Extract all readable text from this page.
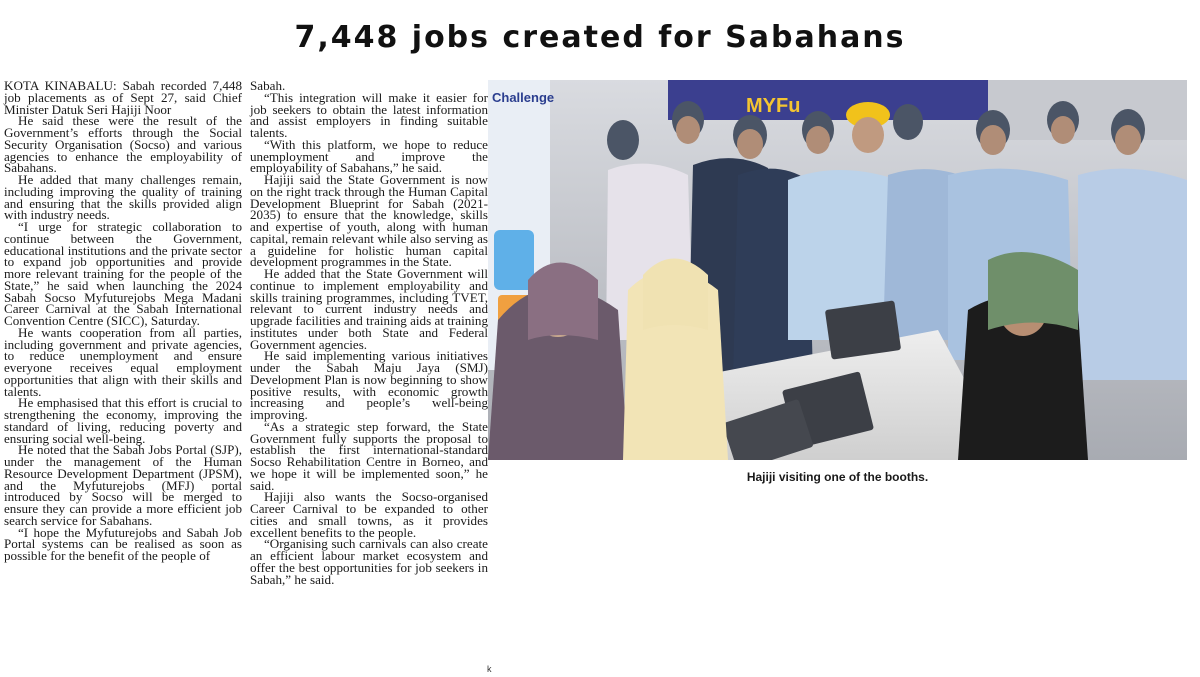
7,448 jobs created for Sabahans

KOTA KINABALU: Sabah recorded 7,448 job placements as of Sept 27, said Chief Minister Datuk Seri Hajiji Noor

He said these were the result of the Government’s efforts through the Social Security Organisation (Socso) and various agencies to enhance the employability of Sabahans.

He added that many challenges remain, including improving the quality of training and ensuring that the skills provided align with industry needs.

“I urge for strategic collaboration to continue between the Government, educational institutions and the private sector to expand job opportunities and provide more relevant training for the people of the State,” he said when launching the 2024 Sabah Socso Myfuturejobs Mega Madani Career Carnival at the Sabah International Convention Centre (SICC), Saturday.

He wants cooperation from all parties, including government and private agencies, to reduce unemployment and ensure everyone receives equal employment opportunities that align with their skills and talents.

He emphasised that this effort is crucial to strengthening the economy, improving the standard of living, reducing poverty and ensuring social well-being.

He noted that the Sabah Jobs Portal (SJP), under the management of the Human Resource Development Department (JPSM), and the Myfuturejobs (MFJ) portal introduced by Socso will be merged to ensure they can provide a more efficient job search service for Sabahans.

“I hope the Myfuturejobs and Sabah Job Portal systems can be realised as soon as possible for the benefit of the people of

Sabah.

“This integration will make it easier for job seekers to obtain the latest information and assist employers in finding suitable talents.

“With this platform, we hope to reduce unemployment and improve the employability of Sabahans,” he said.

Hajiji said the State Government is now on the right track through the Human Capital Development Blueprint for Sabah (2021-2035) to ensure that the knowledge, skills and expertise of youth, along with human capital, remain relevant while also serving as a guideline for holistic human capital development programmes in the State.

He added that the State Government will continue to implement employability and skills training programmes, including TVET, relevant to current industry needs and upgrade facilities and training aids at training institutes under both State and Federal Government agencies.

He said implementing various initiatives under the Sabah Maju Jaya (SMJ) Development Plan is now beginning to show positive results, with economic growth increasing and people’s well-being improving.

“As a strategic step forward, the State Government fully supports the proposal to establish the first international-standard Socso Rehabilitation Centre in Borneo, and we hope it will be implemented soon,” he said.

Hajiji also wants the Socso-organised Career Carnival to be expanded to other cities and small towns, as it provides excellent benefits to the people.

“Organising such carnivals can also create an efficient labour market ecosystem and offer the best opportunities for job seekers in Sabah,” he said.

Challenge	MYFu
Hajiji visiting one of the booths.
k
